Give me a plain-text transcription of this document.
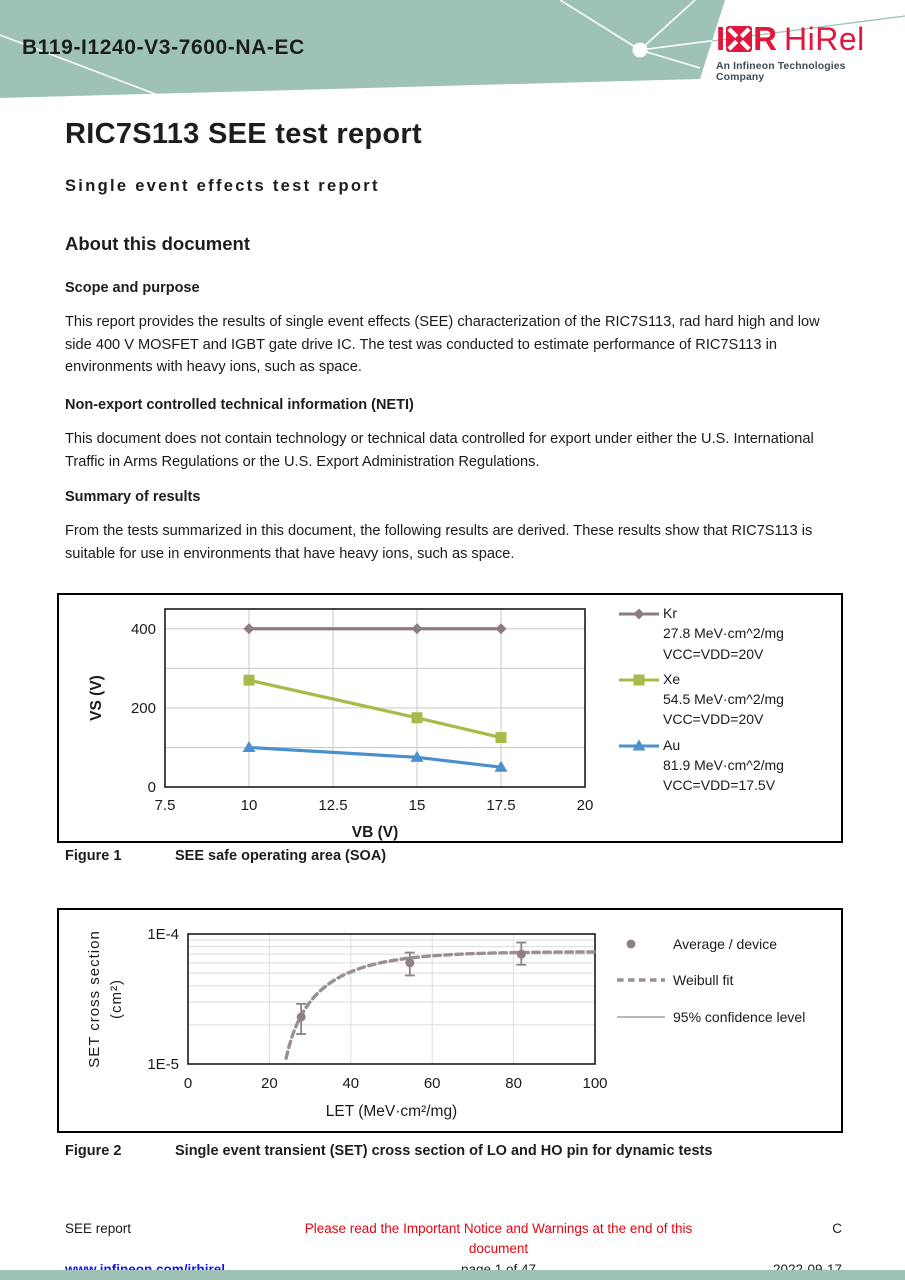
B119-I1240-V3-7600-NA-EC	I R HiRel
An Infineon Technologies Company
RIC7S113 SEE test report
Single event effects test report
About this document
Scope and purpose

This report provides the results of single event effects (SEE) characterization of the RIC7S113, rad hard high and low side 400 V MOSFET and IGBT gate drive IC. The test was conducted to estimate performance of RIC7S113 in environments with heavy ions, such as space.

Non-export controlled technical information (NETI)

This document does not contain technology or technical data controlled for export under either the U.S. International Traffic in Arms Regulations or the U.S. Export Administration Regulations.

Summary of results

From the tests summarized in this document, the following results are derived. These results show that RIC7S113 is suitable for use in environments that have heavy ions, such as space.

0
200
400
7.5	10	12.5	15	17.5	20
VB (V)
VS (V)
Kr
27.8 MeV·cm^2/mg
VCC=VDD=20V
Xe
54.5 MeV·cm^2/mg
VCC=VDD=20V
Au
81.9 MeV·cm^2/mg
VCC=VDD=17.5V
Figure 1	SEE safe operating area (SOA)
1E-4
1E-5
0	20	40	60	80	100
LET (MeV·cm²/mg)
SET cross section (cm²)
Average / device
Weibull fit
95% confidence level
Figure 2	Single event transient (SET) cross section of LO and HO pin for dynamic tests
SEE report	Please read the Important Notice and Warnings at the end of this document
C
